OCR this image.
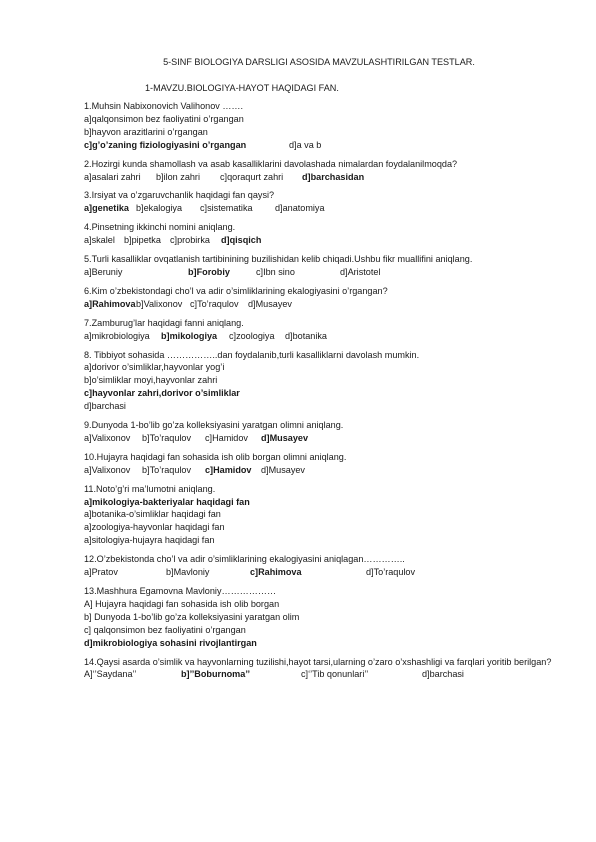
5-SINF BIOLOGIYA DARSLIGI ASOSIDA MAVZULASHTIRILGAN TESTLAR.
1-MAVZU.BIOLOGIYA-HAYOT HAQIDAGI FAN.
1.Muhsin Nabixonovich Valihonov …….
a]qalqonsimon bez faoliyatini o’rgangan
b]hayvon arazitlarini o’rgangan
c]g’o’zaning fiziologiyasini o’rgangan	d]a va b
2.Hozirgi kunda shamollash va asab kasalliklarini davolashada nimalardan foydalanilmoqda?
a]asalari zahri	b]ilon zahri	c]qoraqurt zahri	d]barchasidan
3.Irsiyat va o’zgaruvchanlik haqidagi fan qaysi?
a]genetika b]ekalogiya	c]sistematika	d]anatomiya
4.Pinsetning ikkinchi nomini aniqlang.
a]skalel	b]pipetka c]probirka	d]qisqich
5.Turli kasalliklar ovqatlanish tartibinining buzilishidan kelib chiqadi.Ushbu fikr muallifini aniqlang.
a]Beruniy	b]Forobiy	c]Ibn sino	d]Aristotel
6.Kim o’zbekistondagi cho’l va adir o’simliklarining ekalogiyasini o’rgangan?
a]Rahimova b]Valixonov c]To’raqulov	d]Musayev
7.Zamburug’lar haqidagi fanni aniqlang.
a]mikrobiologiya	b]mikologiya	c]zoologiya	d]botanika
8. Tibbiyot sohasida ……………..dan foydalanib,turli kasalliklarni davolash mumkin.
a]dorivor o’simliklar,hayvonlar yog’i
b]o’simliklar moyi,hayvonlar zahri
c]hayvonlar zahri,dorivor o’simliklar
d]barchasi
9.Dunyoda 1-bo’lib go’za kolleksiyasini yaratgan olimni aniqlang.
a]Valixonov	b]To’raqulov	c]Hamidov	d]Musayev
10.Hujayra haqidagi fan sohasida ish olib borgan olimni aniqlang.
a]Valixonov	b]To’raqulov	c]Hamidov	d]Musayev
11.Noto’g’ri ma’lumotni aniqlang.
a]mikologiya-bakteriyalar haqidagi fan
a]botanika-o’simliklar haqidagi fan
a]zoologiya-hayvonlar haqidagi fan
a]sitologiya-hujayra haqidagi fan
12.O’zbekistonda cho’l va adir o’simliklarining ekalogiyasini aniqlagan…………..
a]Pratov	b]Mavloniy	c]Rahimova	d]To’raqulov
13.Mashhura Egamovna Mavloniy………………
A] Hujayra haqidagi fan sohasida ish olib borgan
b] Dunyoda 1-bo’lib go’za kolleksiyasini yaratgan olim
c] qalqonsimon bez faoliyatini o’rgangan
d]mikrobiologiya sohasini rivojlantirgan
14.Qaysi asarda o’simlik va hayvonlarning tuzilishi,hayot tarsi,ularning o’zaro o’xshashligi va farqlari yoritib berilgan?
A]‘’Saydana’’	b]’’Boburnoma’’	c]‘’Tib qonunlari’’	d]barchasi
